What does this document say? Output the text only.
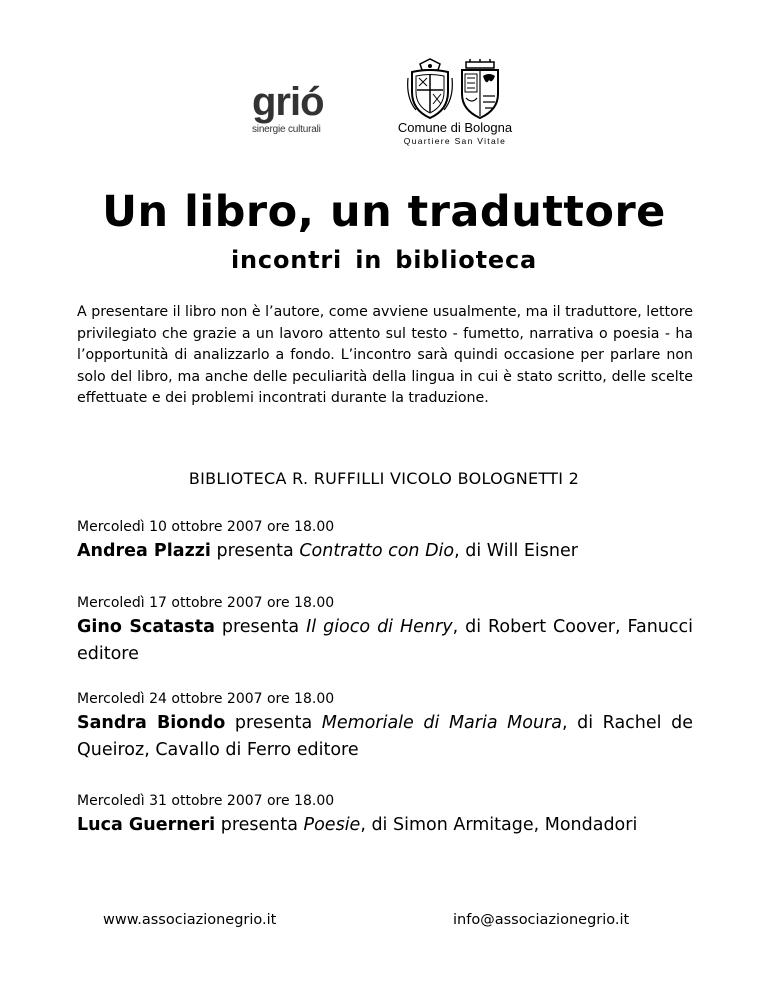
grió
sinergie culturali	Comune di Bologna
Quartiere San Vitale
Un libro, un traduttore
incontri in biblioteca
A presentare il libro non è l’autore, come avviene usualmente, ma il traduttore, lettore privilegiato che grazie a un lavoro attento sul testo - fumetto, narrativa o poesia - ha l’opportunità di analizzarlo a fondo. L’incontro sarà quindi occasione per parlare non solo del libro, ma anche delle peculiarità della lingua in cui è stato scritto, delle scelte effettuate e dei problemi incontrati durante la traduzione.
BIBLIOTECA R. RUFFILLI VICOLO BOLOGNETTI 2
Mercoledì 10 ottobre 2007 ore 18.00
Andrea Plazzi presenta Contratto con Dio, di Will Eisner
Mercoledì 17 ottobre 2007 ore 18.00
Gino Scatasta presenta Il gioco di Henry, di Robert Coover, Fanucci editore
Mercoledì 24 ottobre 2007 ore 18.00
Sandra Biondo presenta Memoriale di Maria Moura, di Rachel de Queiroz, Cavallo di Ferro editore
Mercoledì 31 ottobre 2007 ore 18.00
Luca Guerneri presenta Poesie, di Simon Armitage, Mondadori
www.associazionegrio.it	info@associazionegrio.it
